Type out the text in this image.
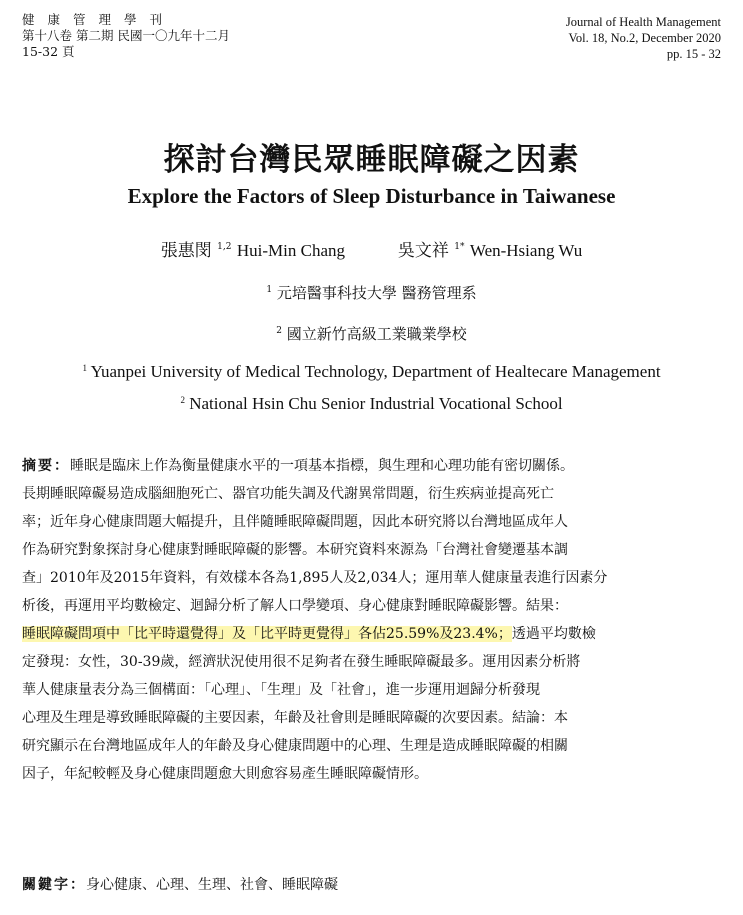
健康管理學刊
第十八卷 第二期 民國一〇九年十二月
15-32 頁
Journal of Health Management
Vol. 18, No.2, December 2020
pp. 15 - 32
探討台灣民眾睡眠障礙之因素
Explore the Factors of Sleep Disturbance in Taiwanese
張惠閔 $^{1,2}$ Hui-Min Chang	吳文祥 $^{1*}$ Wen-Hsiang Wu
$^1$ 元培醫事科技大學 醫務管理系
$^2$ 國立新竹高級工業職業學校
$^1$ Yuanpei University of Medical Technology, Department of Healtecare Management
$^2$ National Hsin Chu Senior Industrial Vocational School
摘要：睡眠是臨床上作為衡量健康水平的一項基本指標，與生理和心理功能有密切關係。
長期睡眠障礙易造成腦細胞死亡、器官功能失調及代謝異常問題，衍生疾病並提高死亡
率；近年身心健康問題大幅提升，且伴隨睡眠障礙問題，因此本研究將以台灣地區成年人
作為研究對象探討身心健康對睡眠障礙的影響。本研究資料來源為「台灣社會變遷基本調
查」2010年及2015年資料，有效樣本各為1,895人及2,034人；運用華人健康量表進行因素分
析後，再運用平均數檢定、迴歸分析了解人口學變項、身心健康對睡眠障礙影響。結果：
睡眠障礙問項中「比平時還覺得」及「比平時更覺得」各佔25.59%及23.4%；透過平均數檢
定發現：女性，30-39歲，經濟狀況使用很不足夠者在發生睡眠障礙最多。運用因素分析將
華人健康量表分為三個構面：「心理」、「生理」及「社會」，進一步運用迴歸分析發現
心理及生理是導致睡眠障礙的主要因素，年齡及社會則是睡眠障礙的次要因素。結論：本
研究顯示在台灣地區成年人的年齡及身心健康問題中的心理、生理是造成睡眠障礙的相關
因子，年紀較輕及身心健康問題愈大則愈容易產生睡眠障礙情形。
關鍵字：身心健康、心理、生理、社會、睡眠障礙
